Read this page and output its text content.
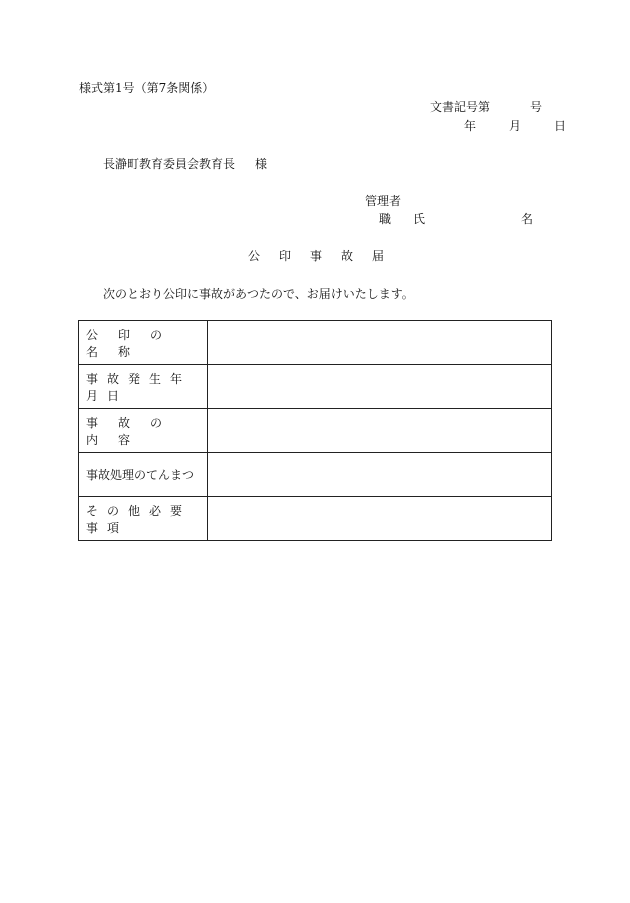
様式第1号（第7条関係）
文書記号第	号
年	月	日
長瀞町教育委員会教育長 様
管理者
職 氏	名
公印事故届
次のとおり公印に事故があつたので、お届けいたします。
公印の名称	
事故発生年月日	
事故の内容	
事故処理のてんまつ	
その他必要事項	
